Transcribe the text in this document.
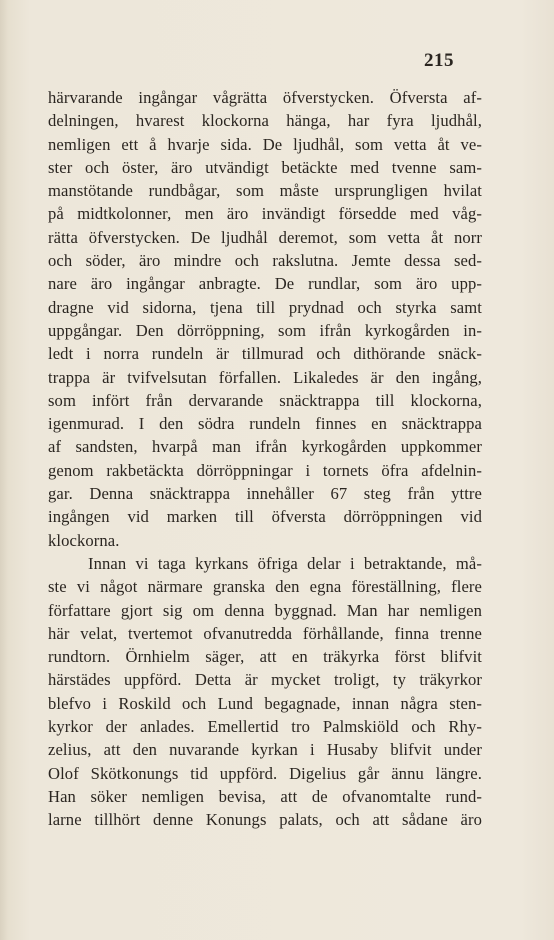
215
härvarande ingångar vågrätta öfverstycken. Öfversta af-
delningen, hvarest klockorna hänga, har fyra ljudhål,
nemligen ett å hvarje sida. De ljudhål, som vetta åt ve-
ster och öster, äro utvändigt betäckte med tvenne sam-
manstötande rundbågar, som måste ursprungligen hvilat
på midtkolonner, men äro invändigt försedde med våg-
rätta öfverstycken. De ljudhål deremot, som vetta åt norr
och söder, äro mindre och rakslutna. Jemte dessa sed-
nare äro ingångar anbragte. De rundlar, som äro upp-
dragne vid sidorna, tjena till prydnad och styrka samt
uppgångar. Den dörröppning, som ifrån kyrkogården in-
ledt i norra rundeln är tillmurad och dithörande snäck-
trappa är tvifvelsutan förfallen. Likaledes är den ingång,
som infört från dervarande snäcktrappa till klockorna,
igenmurad. I den södra rundeln finnes en snäcktrappa
af sandsten, hvarpå man ifrån kyrkogården uppkommer
genom rakbetäckta dörröppningar i tornets öfra afdelnin-
gar. Denna snäcktrappa innehåller 67 steg från yttre
ingången vid marken till öfversta dörröppningen vid
klockorna.
Innan vi taga kyrkans öfriga delar i betraktande, må-
ste vi något närmare granska den egna föreställning, flere
författare gjort sig om denna byggnad. Man har nemligen
här velat, tvertemot ofvanutredda förhållande, finna trenne
rundtorn. Örnhielm säger, att en träkyrka först blifvit
härstädes uppförd. Detta är mycket troligt, ty träkyrkor
blefvo i Roskild och Lund begagnade, innan några sten-
kyrkor der anlades. Emellertid tro Palmskiöld och Rhy-
zelius, att den nuvarande kyrkan i Husaby blifvit under
Olof Skötkonungs tid uppförd. Digelius går ännu längre.
Han söker nemligen bevisa, att de ofvanomtalte rund-
larne tillhört denne Konungs palats, och att sådane äro
